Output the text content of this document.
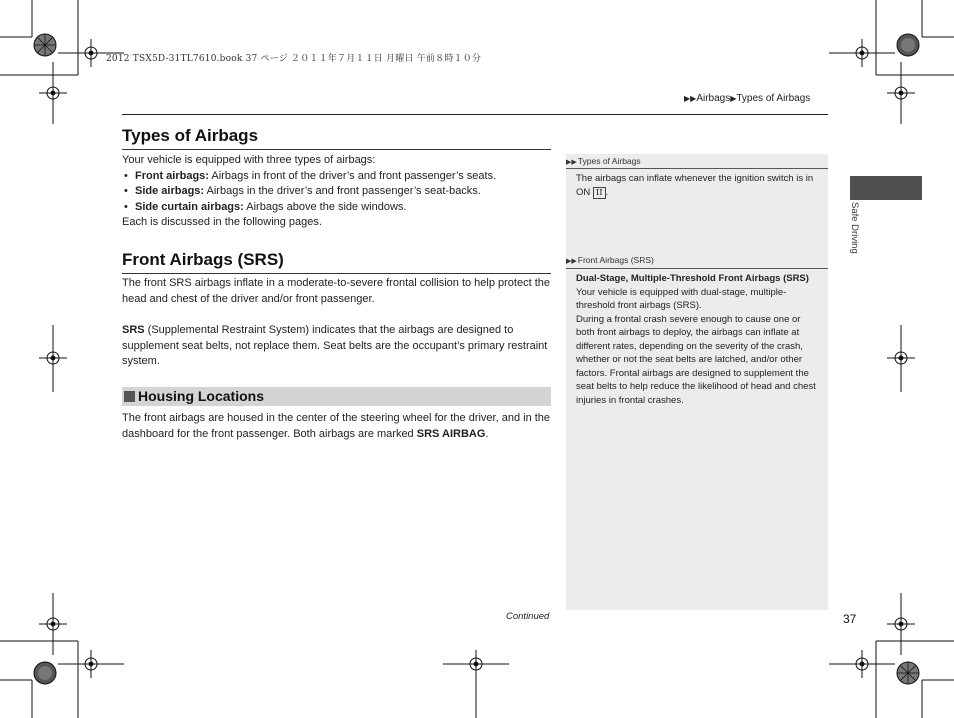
2012 TSX5D-31TL7610.book 37 ページ ２０１１年７月１１日 月曜日 午前８時１０分
▶▶Airbags▶Types of Airbags
Types of Airbags
Your vehicle is equipped with three types of airbags:
• Front airbags: Airbags in front of the driver’s and front passenger’s seats.
• Side airbags: Airbags in the driver’s and front passenger’s seat-backs.
• Side curtain airbags: Airbags above the side windows.
Each is discussed in the following pages.
Front Airbags (SRS)
The front SRS airbags inflate in a moderate-to-severe frontal collision to help protect the head and chest of the driver and/or front passenger.
SRS (Supplemental Restraint System) indicates that the airbags are designed to supplement seat belts, not replace them. Seat belts are the occupant’s primary restraint system.
Housing Locations
The front airbags are housed in the center of the steering wheel for the driver, and in the dashboard for the front passenger. Both airbags are marked SRS AIRBAG.
▶▶Types of Airbags
The airbags can inflate whenever the ignition switch is in ON II .
▶▶Front Airbags (SRS)
Dual-Stage, Multiple-Threshold Front Airbags (SRS)
Your vehicle is equipped with dual-stage, multiple-threshold front airbags (SRS).
During a frontal crash severe enough to cause one or both front airbags to deploy, the airbags can inflate at different rates, depending on the severity of the crash, whether or not the seat belts are latched, and/or other factors. Frontal airbags are designed to supplement the seat belts to help reduce the likelihood of head and chest injuries in frontal crashes.
Safe Driving
Continued	37
